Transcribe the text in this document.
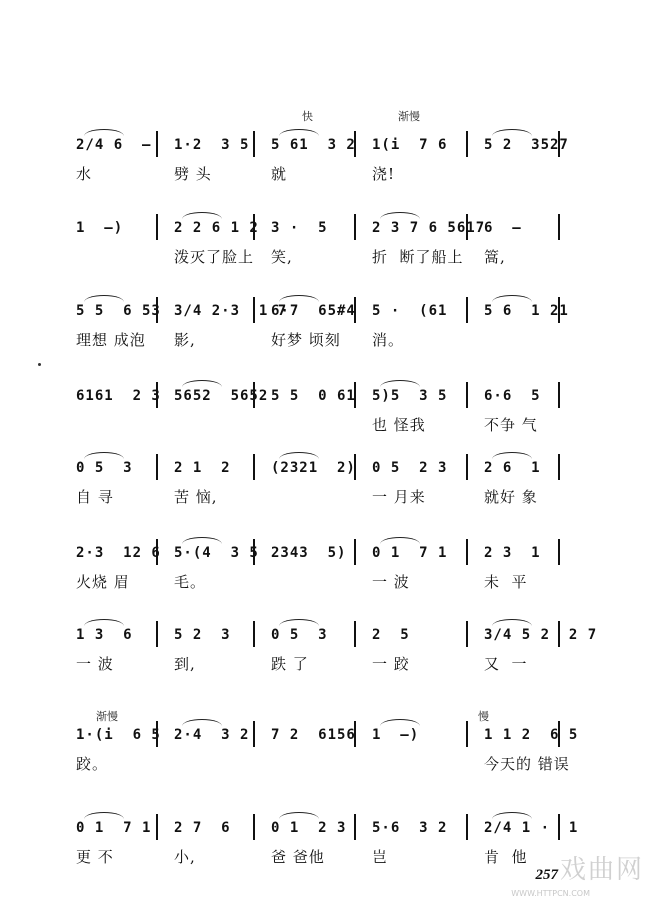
快	渐慢
渐慢	慢
2/4 6  —
水
1·2  3 5
劈 头
5 61  3 2
就
1(i  7 6
浇!
5 2  3527
1  —)	2 2 6 1 2
泼灭了脸上
3 ·  5
笑,
2 3 7 6 5617
折  断了船上
6  —
篙,
5 5  6 53
理想 成泡
3/4 2·3  1 7
影,
6·7  65#4
好梦 顷刻
5 ·  (61
消。
5 6  1 21
6161  2 3 5652  5652 5 5  0 61 5)5  3 5
也 怪我
6·6  5
不争 气
0 5  3
自 寻
2 1  2
苦 恼,
(2321  2) 0 5  2 3
一 月来
2 6  1
就好 象
2·3  12 6
火烧 眉
5·(4  3 5
毛。
2343  5) 0 1  7 1
一 波
2 3  1
未  平
1 3  6
一 波
5 2  3
到,
0 5  3
跌 了
2  5
一 跤
3/4 5 2  2 7
又  一
1·(i  6 5
跤。
2·4  3 2 7 2  6156 1  —)	1 1 2  6 5
今天的 错误
0 1  7 1
更 不
2 7  6
小,
0 1  2 3
爸 爸他
5·6  3 2
岂
2/4 1 ·  1
肯  他
257 戏曲网
WWW.HTTPCN.COM
